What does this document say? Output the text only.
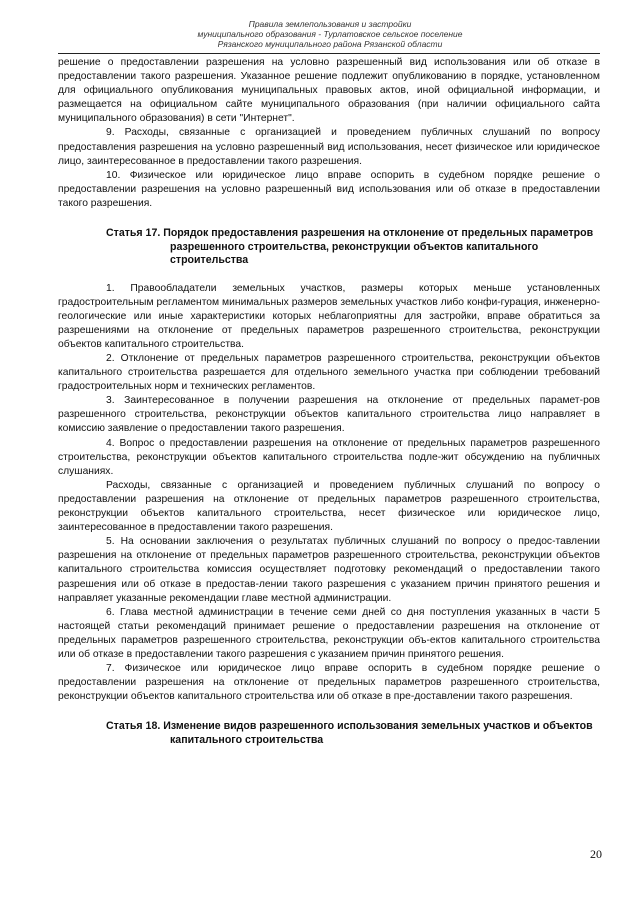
Правила землепользования и застройки
муниципального образования - Турлатовское сельское поселение
Рязанского муниципального района Рязанской области

решение о предоставлении разрешения на условно разрешенный вид использования или об отказе в предоставлении такого разрешения. Указанное решение подлежит опубликованию в порядке, установленном для официального опубликования муниципальных правовых актов, иной официальной информации, и размещается на официальном сайте муниципального образования (при наличии официального сайта муниципального образования) в сети "Интернет".

9. Расходы, связанные с организацией и проведением публичных слушаний по вопросу предоставления разрешения на условно разрешенный вид использования, несет физическое или юридическое лицо, заинтересованное в предоставлении такого разрешения.

10. Физическое или юридическое лицо вправе оспорить в судебном порядке решение о предоставлении разрешения на условно разрешенный вид использования или об отказе в предоставлении такого разрешения.

Статья 17. Порядок предоставления разрешения на отклонение от предельных параметров разрешенного строительства, реконструкции объектов капитального строительства

1. Правообладатели земельных участков, размеры которых меньше установленных градостроительным регламентом минимальных размеров земельных участков либо конфи-гурация, инженерно-геологические или иные характеристики которых неблагоприятны для застройки, вправе обратиться за разрешениями на отклонение от предельных параметров разрешенного строительства, реконструкции объектов капитального строительства.

2. Отклонение от предельных параметров разрешенного строительства, реконструкции объектов капитального строительства разрешается для отдельного земельного участка при соблюдении требований градостроительных норм и технических регламентов.

3. Заинтересованное в получении разрешения на отклонение от предельных парамет-ров разрешенного строительства, реконструкции объектов капитального строительства лицо направляет в комиссию заявление о предоставлении такого разрешения.

4. Вопрос о предоставлении разрешения на отклонение от предельных параметров разрешенного строительства, реконструкции объектов капитального строительства подле-жит обсуждению на публичных слушаниях.

Расходы, связанные с организацией и проведением публичных слушаний по вопросу о предоставлении разрешения на отклонение от предельных параметров разрешенного строительства, реконструкции объектов капитального строительства, несет физическое или юридическое лицо, заинтересованное в предоставлении такого разрешения.

5. На основании заключения о результатах публичных слушаний по вопросу о предос-тавлении разрешения на отклонение от предельных параметров разрешенного строительства, реконструкции объектов капитального строительства комиссия осуществляет подготовку рекомендаций о предоставлении такого разрешения или об отказе в предостав-лении такого разрешения с указанием причин принятого решения и направляет указанные рекомендации главе местной администрации.

6. Глава местной администрации в течение семи дней со дня поступления указанных в части 5 настоящей статьи рекомендаций принимает решение о предоставлении разрешения на отклонение от предельных параметров разрешенного строительства, реконструкции объ-ектов капитального строительства или об отказе в предоставлении такого разрешения с указанием причин принятого решения.

7. Физическое или юридическое лицо вправе оспорить в судебном порядке решение о предоставлении разрешения на отклонение от предельных параметров разрешенного строительства, реконструкции объектов капитального строительства или об отказе в пре-доставлении такого разрешения.

Статья 18. Изменение видов разрешенного использования земельных участков и объектов капитального строительства
20
